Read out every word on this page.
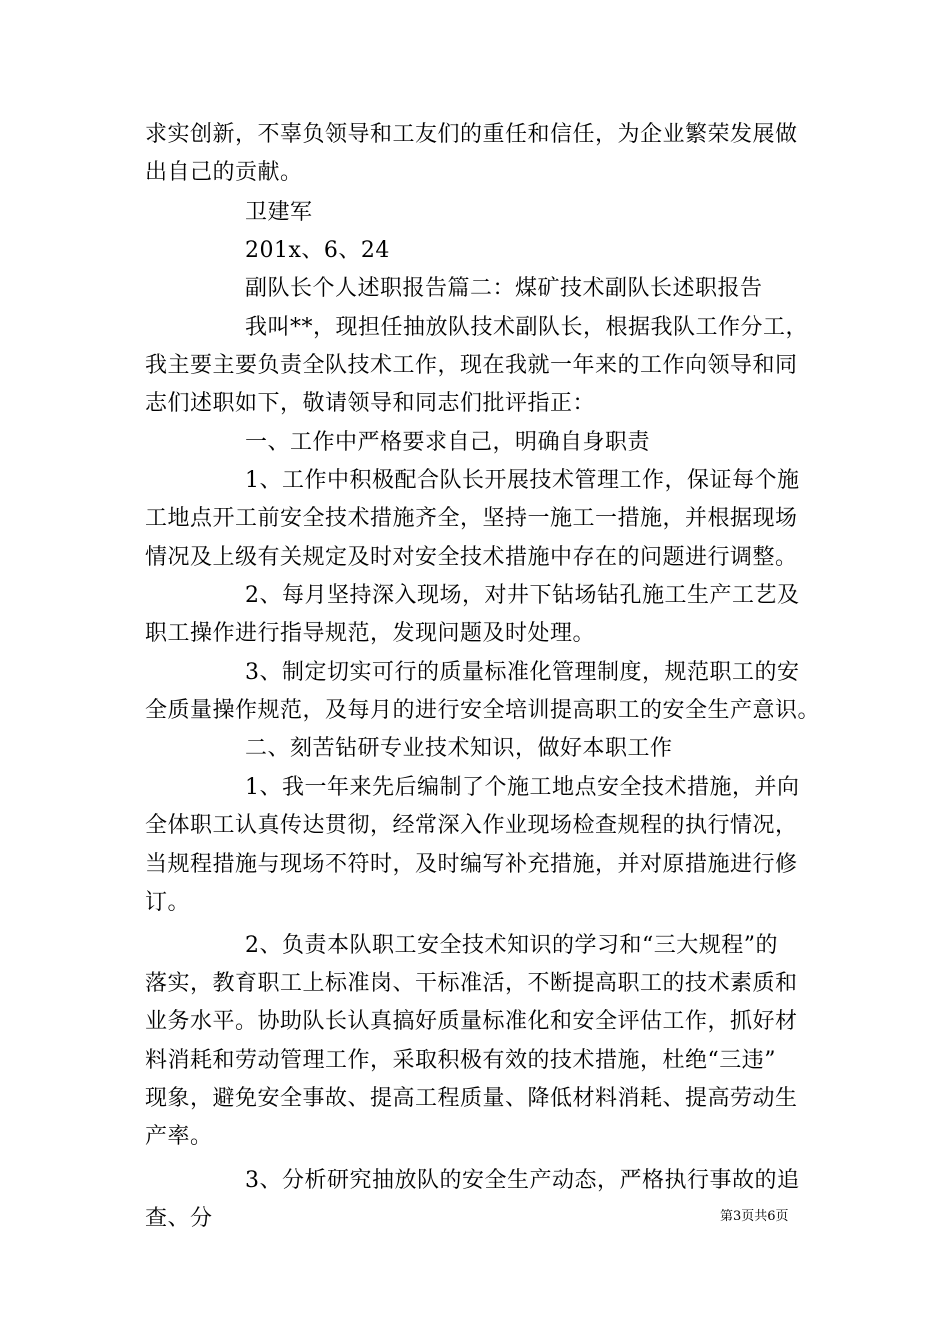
求实创新，不辜负领导和工友们的重任和信任，为企业繁荣发展做
出自己的贡献。
卫建军
201x、6、24
副队长个人述职报告篇二：煤矿技术副队长述职报告
我叫**，现担任抽放队技术副队长，根据我队工作分工，
我主要主要负责全队技术工作，现在我就一年来的工作向领导和同
志们述职如下，敬请领导和同志们批评指正：
一、工作中严格要求自己，明确自身职责
1、工作中积极配合队长开展技术管理工作，保证每个施
工地点开工前安全技术措施齐全，坚持一施工一措施，并根据现场
情况及上级有关规定及时对安全技术措施中存在的问题进行调整。
2、每月坚持深入现场，对井下钻场钻孔施工生产工艺及
职工操作进行指导规范，发现问题及时处理。
3、制定切实可行的质量标准化管理制度，规范职工的安
全质量操作规范，及每月的进行安全培训提高职工的安全生产意识。
二、刻苦钻研专业技术知识，做好本职工作
1、我一年来先后编制了个施工地点安全技术措施，并向
全体职工认真传达贯彻，经常深入作业现场检查规程的执行情况，
当规程措施与现场不符时，及时编写补充措施，并对原措施进行修
订。
2、负责本队职工安全技术知识的学习和“三大规程”的
落实，教育职工上标准岗、干标准活，不断提高职工的技术素质和
业务水平。协助队长认真搞好质量标准化和安全评估工作，抓好材
料消耗和劳动管理工作，采取积极有效的技术措施，杜绝“三违”
现象，避免安全事故、提高工程质量、降低材料消耗、提高劳动生
产率。
3、分析研究抽放队的安全生产动态，严格执行事故的追
查、分	第3页共6页
